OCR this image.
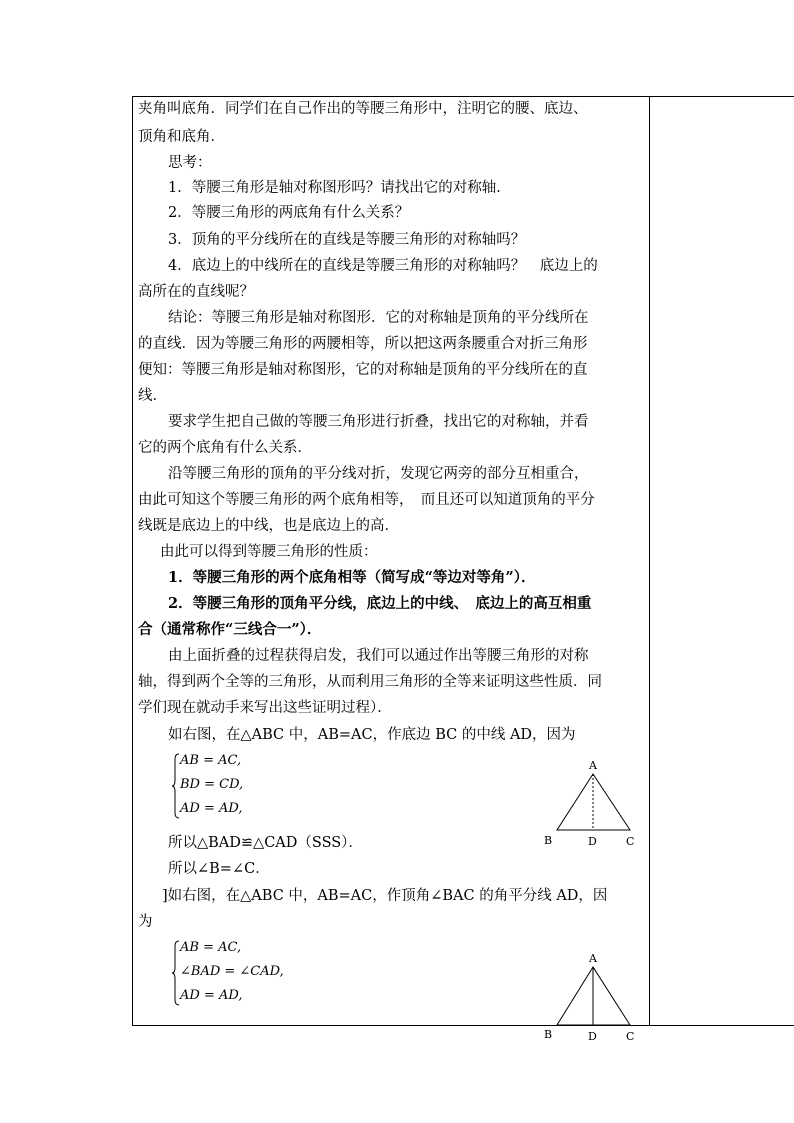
夹角叫底角．同学们在自己作出的等腰三角形中，注明它的腰、底边、
顶角和底角．
思考：
1．等腰三角形是轴对称图形吗？请找出它的对称轴．
2．等腰三角形的两底角有什么关系？
3．顶角的平分线所在的直线是等腰三角形的对称轴吗？
4．底边上的中线所在的直线是等腰三角形的对称轴吗？　底边上的
高所在的直线呢？
结论：等腰三角形是轴对称图形．它的对称轴是顶角的平分线所在
的直线．因为等腰三角形的两腰相等，所以把这两条腰重合对折三角形
便知：等腰三角形是轴对称图形，它的对称轴是顶角的平分线所在的直
线．
要求学生把自己做的等腰三角形进行折叠，找出它的对称轴，并看
它的两个底角有什么关系．
沿等腰三角形的顶角的平分线对折，发现它两旁的部分互相重合，
由此可知这个等腰三角形的两个底角相等，　而且还可以知道顶角的平分
线既是底边上的中线，也是底边上的高．
由此可以得到等腰三角形的性质：
1．等腰三角形的两个底角相等（简写成“等边对等角”）．
2．等腰三角形的顶角平分线，底边上的中线、　底边上的高互相重
合（通常称作“三线合一”）．
由上面折叠的过程获得启发，我们可以通过作出等腰三角形的对称
轴，得到两个全等的三角形，从而利用三角形的全等来证明这些性质．同
学们现在就动手来写出这些证明过程）．
如右图，在△ABC 中，AB=AC，作底边 BC 的中线 AD，因为
所以△BAD≌△CAD（SSS）．
所以∠B=∠C．
]如右图，在△ABC 中，AB=AC，作顶角∠BAC 的角平分线 AD，因
为
AB = AC,
BD = CD,
AD = AD,
AB = AC,
∠BAD = ∠CAD,
AD = AD,
A
B	D	C
A
B	D	C
